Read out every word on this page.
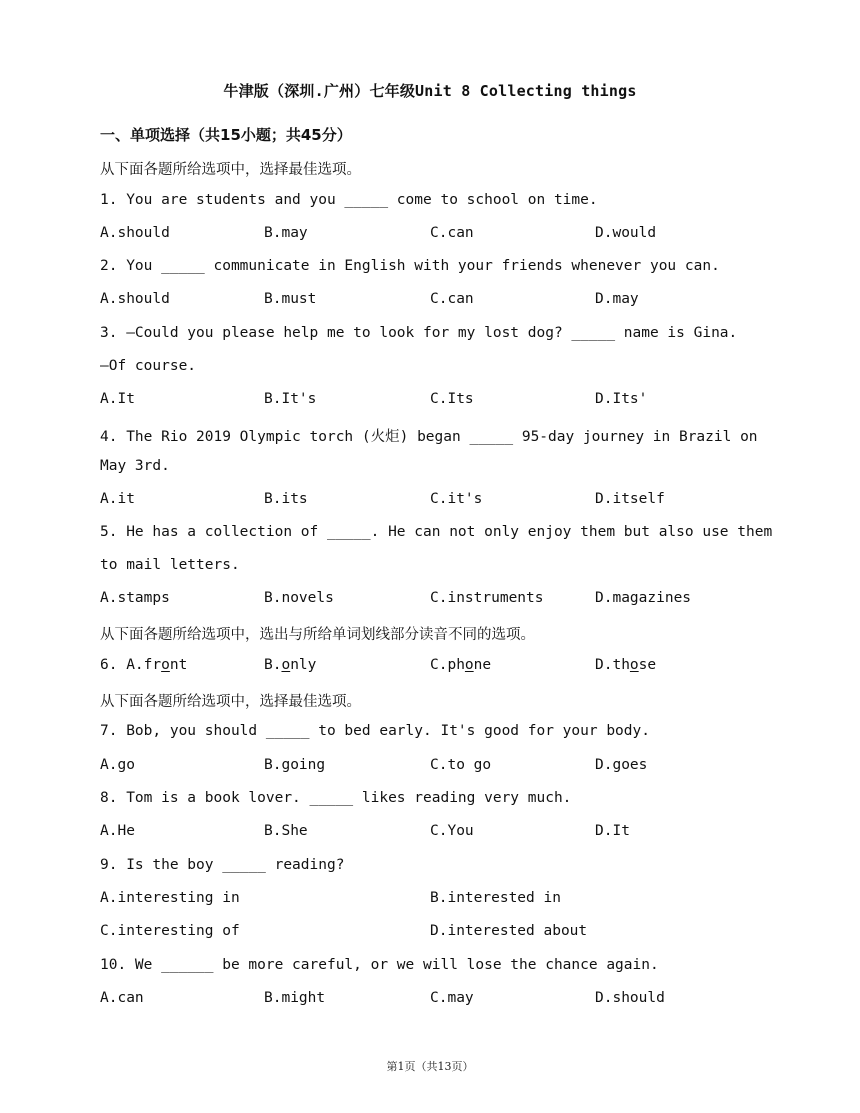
牛津版（深圳.广州）七年级Unit 8 Collecting things
一、单项选择（共15小题；共45分）
从下面各题所给选项中，选择最佳选项。
1. You are students and you _____ come to school on time.
A.should	B.may	C.can	D.would
2. You _____ communicate in English with your friends whenever you can.
A.should	B.must	C.can	D.may
3. —Could you please help me to look for my lost dog? _____ name is Gina.
—Of course.
A.It	B.It's	C.Its	D.Its'
4. The Rio 2019 Olympic torch (火炬) began _____ 95-day journey in Brazil on
May 3rd.
A.it	B.its	C.it's	D.itself
5. He has a collection of _____. He can not only enjoy them but also use them
to mail letters.
A.stamps	B.novels	C.instruments	D.magazines
从下面各题所给选项中，选出与所给单词划线部分读音不同的选项。
6. A.front	B.only	C.phone	D.those
从下面各题所给选项中，选择最佳选项。
7. Bob, you should _____ to bed early. It's good for your body.
A.go	B.going	C.to go	D.goes
8. Tom is a book lover. _____ likes reading very much.
A.He	B.She	C.You	D.It
9. Is the boy _____ reading?
A.interesting in	B.interested in
C.interesting of	D.interested about
10. We ______ be more careful, or we will lose the chance again.
A.can	B.might	C.may	D.should
第1页（共13页）
